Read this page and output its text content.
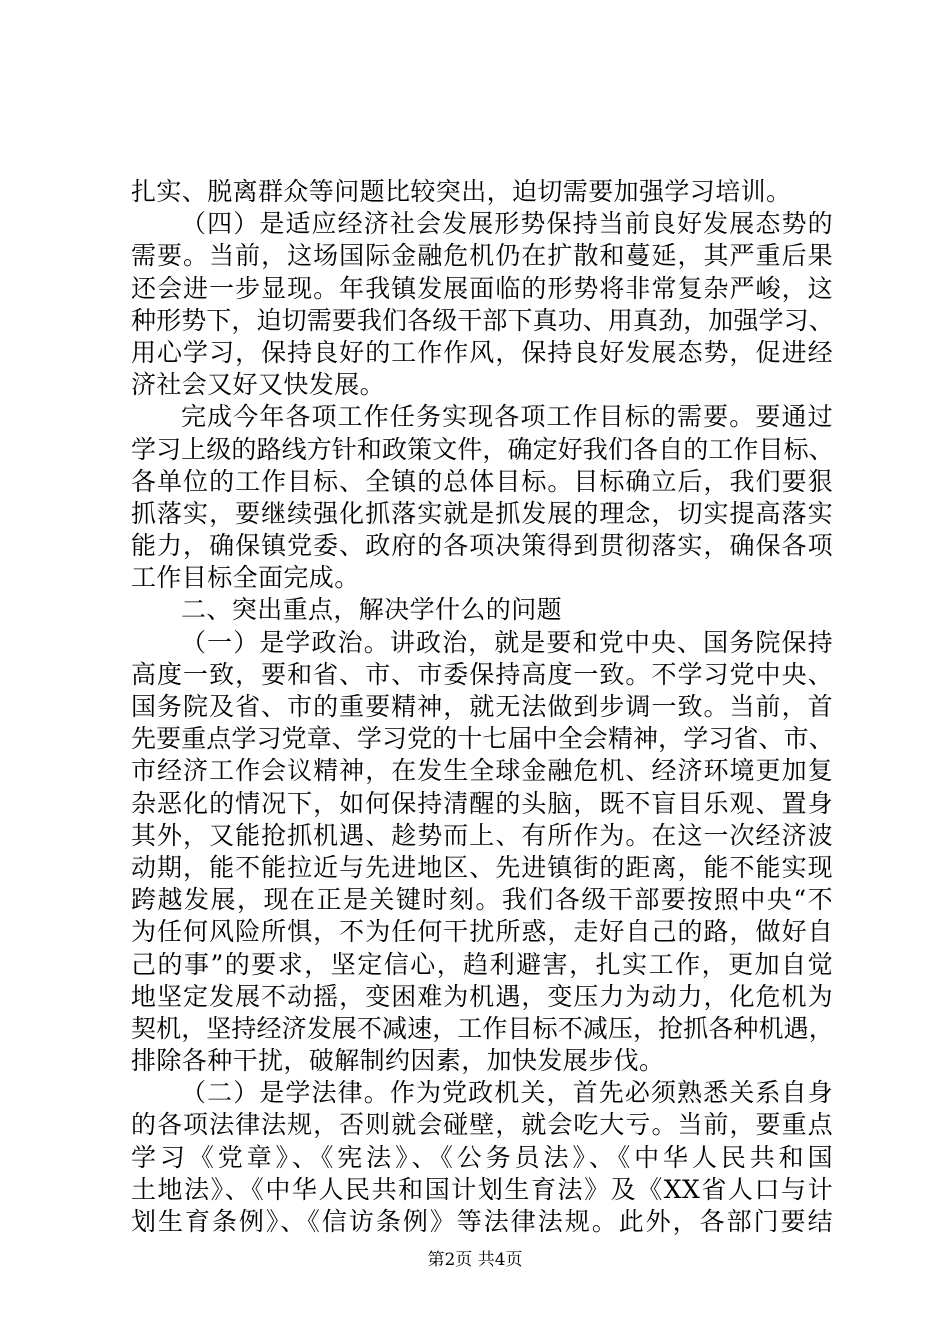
扎实、脱离群众等问题比较突出，迫切需要加强学习培训。
（四）是适应经济社会发展形势保持当前良好发展态势的
需要。当前，这场国际金融危机仍在扩散和蔓延，其严重后果
还会进一步显现。年我镇发展面临的形势将非常复杂严峻，这
种形势下，迫切需要我们各级干部下真功、用真劲，加强学习、
用心学习，保持良好的工作作风，保持良好发展态势，促进经
济社会又好又快发展。
完成今年各项工作任务实现各项工作目标的需要。要通过
学习上级的路线方针和政策文件，确定好我们各自的工作目标、
各单位的工作目标、全镇的总体目标。目标确立后，我们要狠
抓落实，要继续强化抓落实就是抓发展的理念，切实提高落实
能力，确保镇党委、政府的各项决策得到贯彻落实，确保各项
工作目标全面完成。
二、突出重点，解决学什么的问题
（一）是学政治。讲政治，就是要和党中央、国务院保持
高度一致，要和省、市、市委保持高度一致。不学习党中央、
国务院及省、市的重要精神，就无法做到步调一致。当前，首
先要重点学习党章、学习党的十七届中全会精神，学习省、市、
市经济工作会议精神，在发生全球金融危机、经济环境更加复
杂恶化的情况下，如何保持清醒的头脑，既不盲目乐观、置身
其外，又能抢抓机遇、趁势而上、有所作为。在这一次经济波
动期，能不能拉近与先进地区、先进镇街的距离，能不能实现
跨越发展，现在正是关键时刻。我们各级干部要按照中央“不
为任何风险所惧，不为任何干扰所惑，走好自己的路，做好自
己的事”的要求，坚定信心，趋利避害，扎实工作，更加自觉
地坚定发展不动摇，变困难为机遇，变压力为动力，化危机为
契机，坚持经济发展不减速，工作目标不减压，抢抓各种机遇，
排除各种干扰，破解制约因素，加快发展步伐。
（二）是学法律。作为党政机关，首先必须熟悉关系自身
的各项法律法规，否则就会碰壁，就会吃大亏。当前，要重点
学习《党章》、《宪法》、《公务员法》、《中华人民共和国
土地法》、《中华人民共和国计划生育法》及《XX省人口与计
划生育条例》、《信访条例》等法律法规。此外，各部门要结
第2页 共4页
